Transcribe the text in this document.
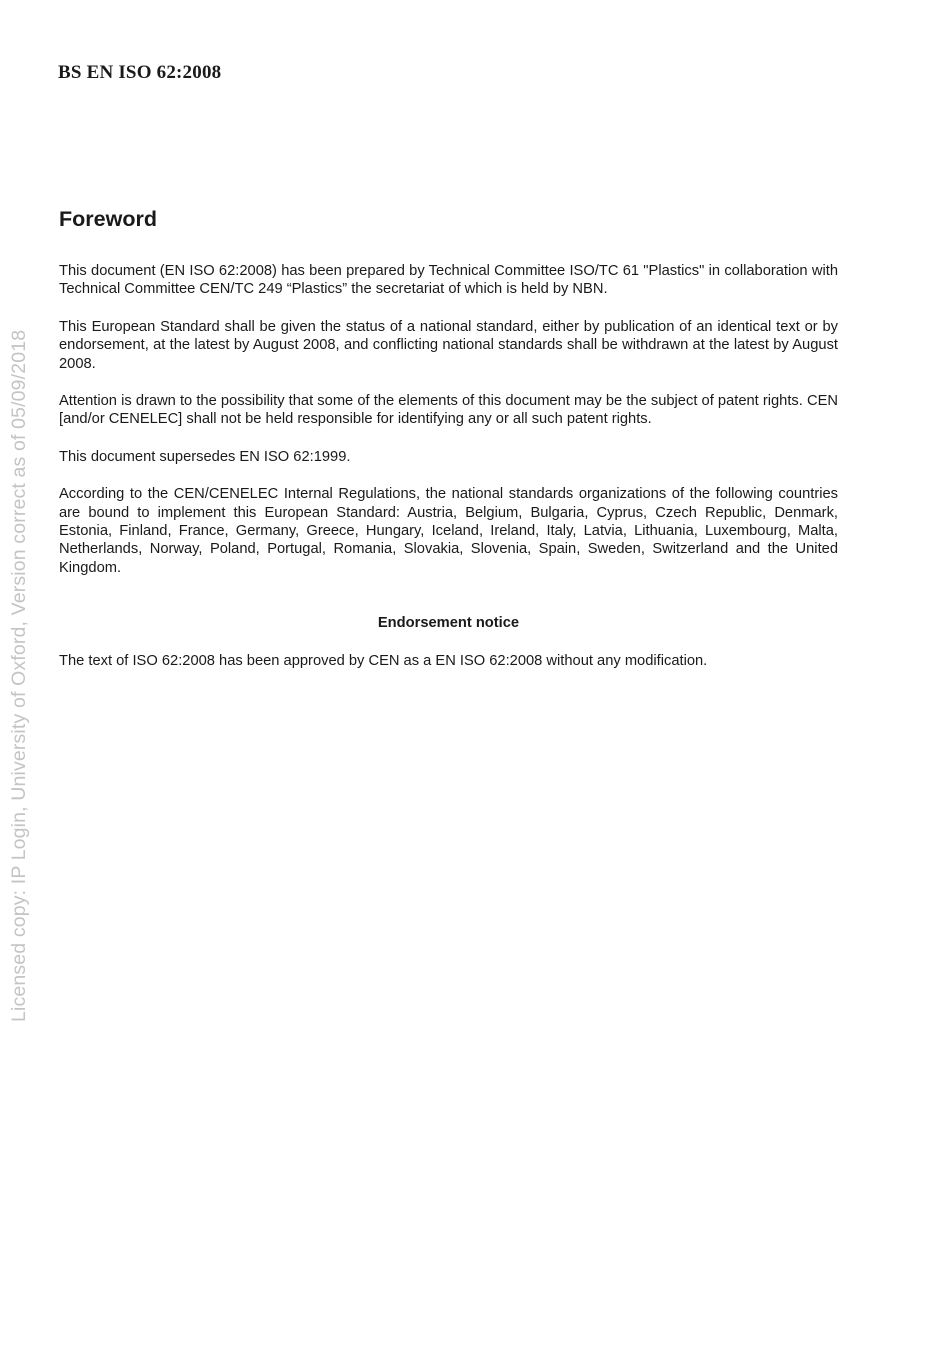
BS EN ISO 62:2008
Licensed copy: IP Login, University of Oxford, Version correct as of 05/09/2018
Foreword

This document (EN ISO 62:2008) has been prepared by Technical Committee ISO/TC 61 "Plastics" in collaboration with Technical Committee CEN/TC 249 “Plastics” the secretariat of which is held by NBN.

This European Standard shall be given the status of a national standard, either by publication of an identical text or by endorsement, at the latest by August 2008, and conflicting national standards shall be withdrawn at the latest by August 2008.

Attention is drawn to the possibility that some of the elements of this document may be the subject of patent rights. CEN [and/or CENELEC] shall not be held responsible for identifying any or all such patent rights.

This document supersedes EN ISO 62:1999.

According to the CEN/CENELEC Internal Regulations, the national standards organizations of the following countries are bound to implement this European Standard: Austria, Belgium, Bulgaria, Cyprus, Czech Republic, Denmark, Estonia, Finland, France, Germany, Greece, Hungary, Iceland, Ireland, Italy, Latvia, Lithuania, Luxembourg, Malta, Netherlands, Norway, Poland, Portugal, Romania, Slovakia, Slovenia, Spain, Sweden, Switzerland and the United Kingdom.

Endorsement notice

The text of ISO 62:2008 has been approved by CEN as a EN ISO 62:2008 without any modification.
